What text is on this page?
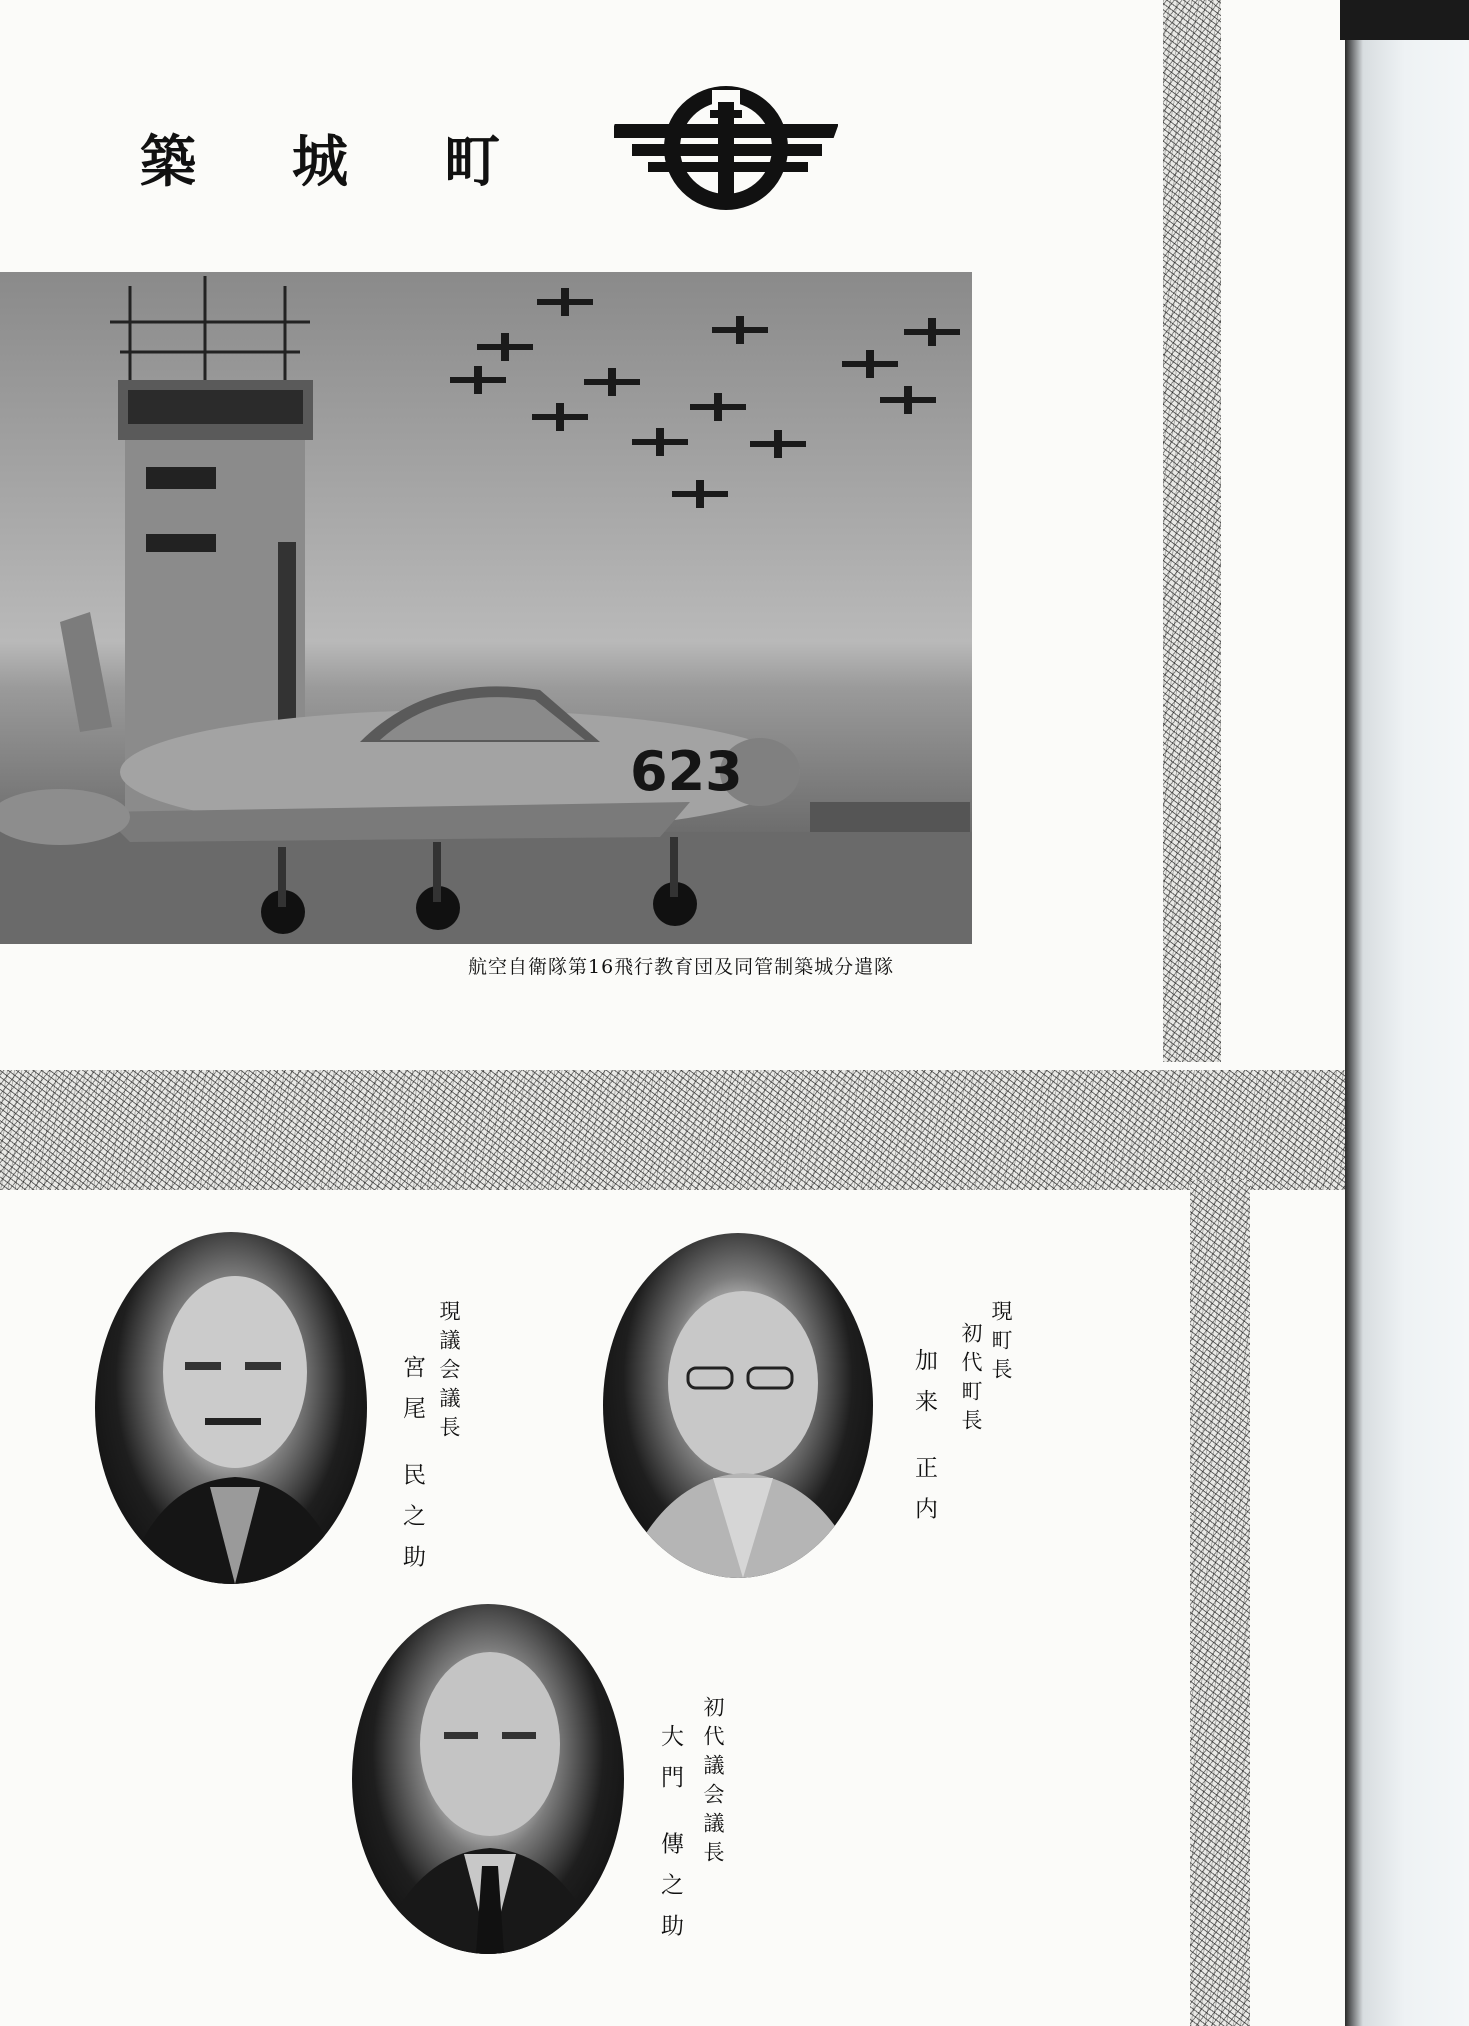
築 城 町
623
航空自衛隊第16飛行教育団及同管制築城分遣隊
現議会議長
宮尾 民之助
現町長
初代町長
加来 正内
初代議会議長
大門 傳之助
